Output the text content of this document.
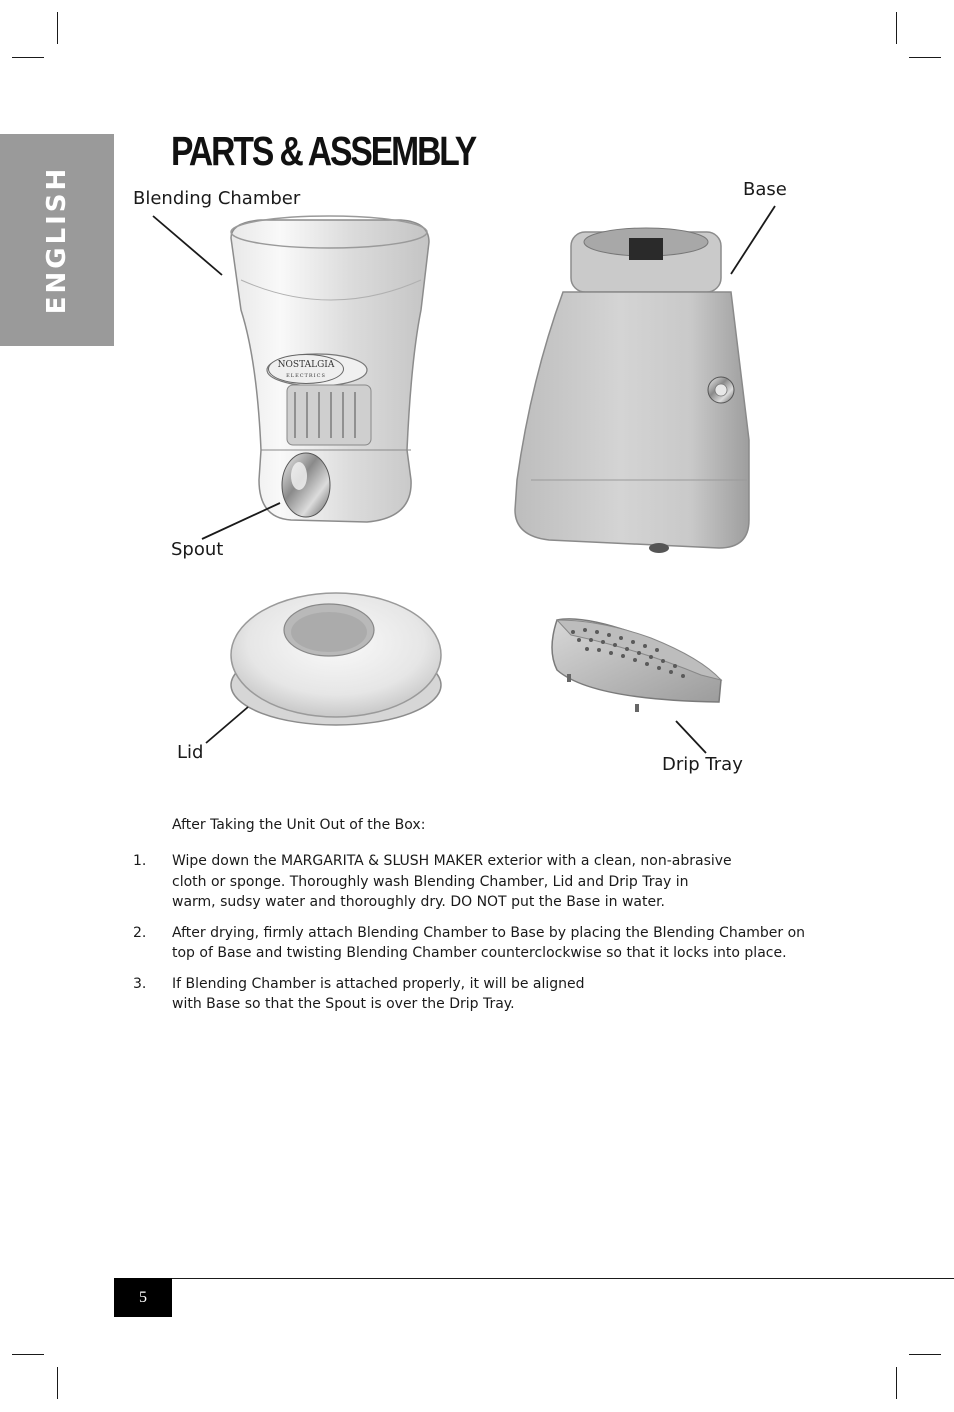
ENGLISH
PARTS & ASSEMBLY
NOSTALGIA
ELECTRICS
Blending Chamber	Base
Spout
Lid
Drip Tray

After Taking the Unit Out of the Box:

1. Wipe down the MARGARITA & SLUSH MAKER exterior with a clean, non-abrasive
cloth or sponge. Thoroughly wash Blending Chamber, Lid and Drip Tray in
warm, sudsy water and thoroughly dry. DO NOT put the Base in water.
2. After drying, firmly attach Blending Chamber to Base by placing the Blending Chamber on
top of Base and twisting Blending Chamber counterclockwise so that it locks into place.
3. If Blending Chamber is attached properly, it will be aligned
with Base so that the Spout is over the Drip Tray.
5
